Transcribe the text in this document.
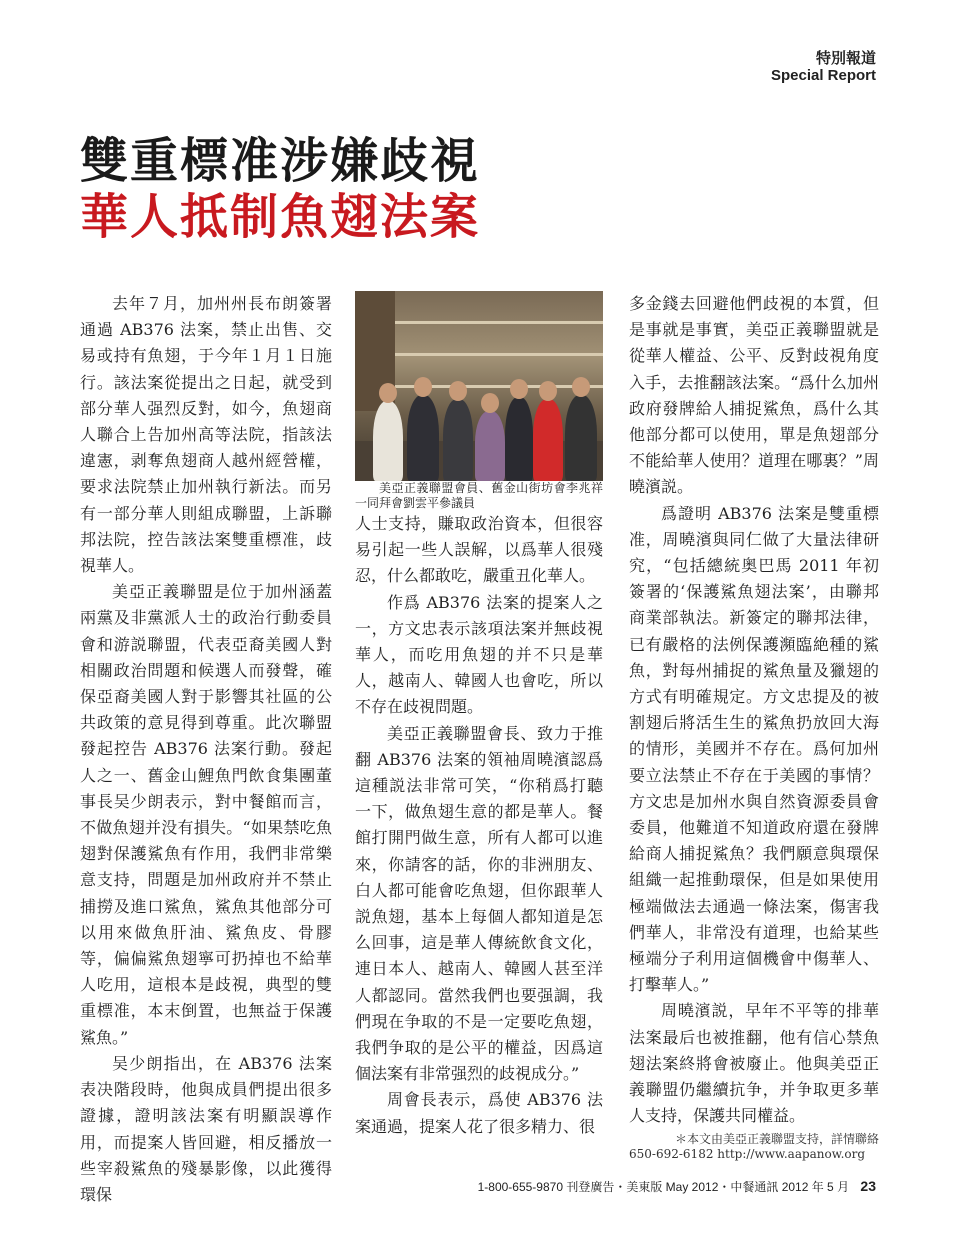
特別報道
Special Report
雙重標准涉嫌歧視
華人抵制魚翅法案

去年７月，加州州長布朗簽署通過 AB376 法案，禁止出售、交易或持有魚翅，于今年１月１日施行。該法案從提出之日起，就受到部分華人强烈反對，如今，魚翅商人聯合上告加州高等法院，指該法違憲，剥奪魚翅商人越州經營權，要求法院禁止加州執行新法。而另有一部分華人則組成聯盟，上訴聯邦法院，控告該法案雙重標准，歧視華人。

美亞正義聯盟是位于加州涵蓋兩黨及非黨派人士的政治行動委員會和游説聯盟，代表亞裔美國人對相關政治問題和候選人而發聲，確保亞裔美國人對于影響其社區的公共政策的意見得到尊重。此次聯盟發起控告 AB376 法案行動。發起人之一、舊金山鯉魚門飲食集團董事長吴少朗表示，對中餐館而言，不做魚翅并没有損失。“如果禁吃魚翅對保護鯊魚有作用，我們非常樂意支持，問題是加州政府并不禁止捕撈及進口鯊魚，鯊魚其他部分可以用來做魚肝油、鯊魚皮、骨膠等，偏偏鯊魚翅寧可扔掉也不給華人吃用，這根本是歧視，典型的雙重標准，本末倒置，也無益于保護鯊魚。”

吴少朗指出，在 AB376 法案表决階段時，他與成員們提出很多證據，證明該法案有明顯誤導作用，而提案人皆回避，相反播放一些宰殺鯊魚的殘暴影像，以此獲得環保

美亞正義聯盟會員、舊金山街坊會李兆祥一同拜會劉雲平參議員

人士支持，賺取政治資本，但很容易引起一些人誤解，以爲華人很殘忍，什么都敢吃，嚴重丑化華人。

作爲 AB376 法案的提案人之一，方文忠表示該項法案并無歧視華人，而吃用魚翅的并不只是華人，越南人、韓國人也會吃，所以不存在歧視問題。

美亞正義聯盟會長、致力于推翻 AB376 法案的領袖周曉濱認爲這種説法非常可笑，“你稍爲打聽一下，做魚翅生意的都是華人。餐館打開門做生意，所有人都可以進來，你請客的話，你的非洲朋友、白人都可能會吃魚翅，但你跟華人説魚翅，基本上每個人都知道是怎么回事，這是華人傳統飲食文化，連日本人、越南人、韓國人甚至洋人都認同。當然我們也要强調，我們現在争取的不是一定要吃魚翅，我們争取的是公平的權益，因爲這個法案有非常强烈的歧視成分。”

周會長表示，爲使 AB376 法案通過，提案人花了很多精力、很

多金錢去回避他們歧視的本質，但是事就是事實，美亞正義聯盟就是從華人權益、公平、反對歧視角度入手，去推翻該法案。“爲什么加州政府發牌給人捕捉鯊魚，爲什么其他部分都可以使用，單是魚翅部分不能給華人使用？道理在哪裏？”周曉濱説。

爲證明 AB376 法案是雙重標准，周曉濱與同仁做了大量法律研究，“包括總統奥巴馬 2011 年初簽署的‘保護鯊魚翅法案’，由聯邦商業部執法。新簽定的聯邦法律，已有嚴格的法例保護瀕臨絶種的鯊魚，對每州捕捉的鯊魚量及獵翅的方式有明確規定。方文忠提及的被割翅后將活生生的鯊魚扔放回大海的情形，美國并不存在。爲何加州要立法禁止不存在于美國的事情？方文忠是加州水與自然資源委員會委員，他難道不知道政府還在發牌給商人捕捉鯊魚？我們願意與環保組織一起推動環保，但是如果使用極端做法去通過一條法案，傷害我們華人，非常没有道理，也給某些極端分子利用這個機會中傷華人、打擊華人。”

周曉濱説，早年不平等的排華法案最后也被推翻，他有信心禁魚翅法案終將會被廢止。他與美亞正義聯盟仍繼續抗争，并争取更多華人支持，保護共同權益。

＊本文由美亞正義聯盟支持，詳情聯絡
650-692-6182 http://www.aapanow.org
1-800-655-9870 刊登廣告・美東版 May 2012・中餐通訊 2012 年 5 月 23
